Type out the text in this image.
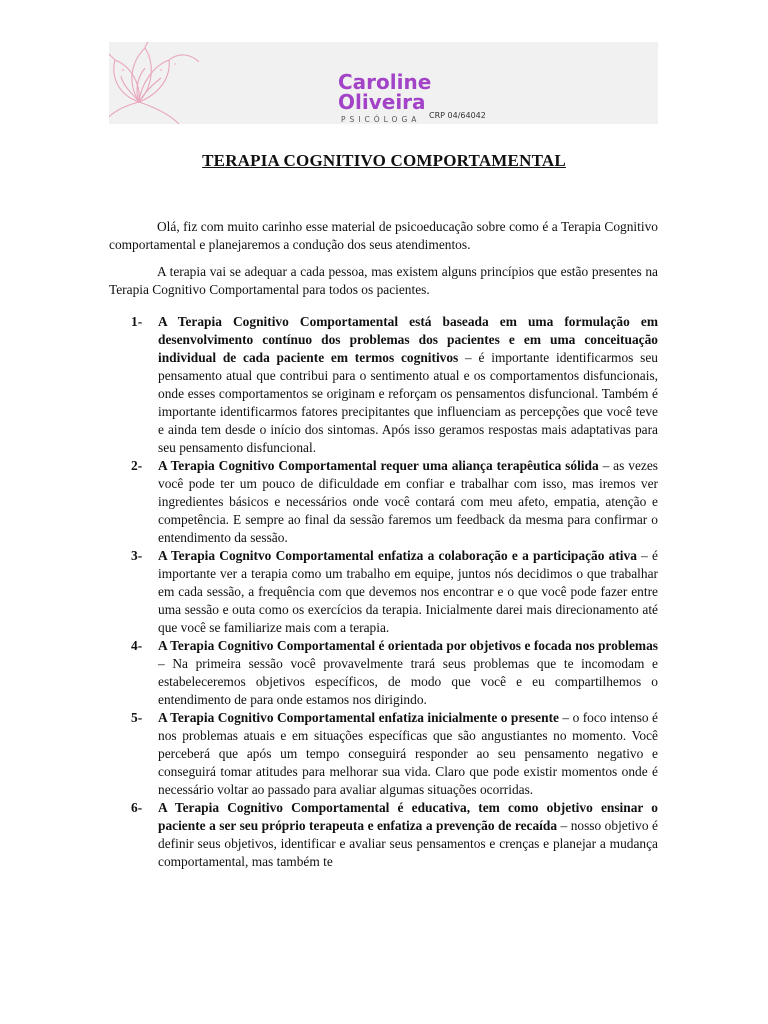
Caroline
Oliveira
PSICÓLOGA	CRP 04/64042
TERAPIA COGNITIVO COMPORTAMENTAL

Olá, fiz com muito carinho esse material de psicoeducação sobre como é a Terapia Cognitivo comportamental e planejaremos a condução dos seus atendimentos.

A terapia vai se adequar a cada pessoa, mas existem alguns princípios que estão presentes na Terapia Cognitivo Comportamental para todos os pacientes.

1- A Terapia Cognitivo Comportamental está baseada em uma formulação em desenvolvimento contínuo dos problemas dos pacientes e em uma conceituação individual de cada paciente em termos cognitivos – é importante identificarmos seu pensamento atual que contribui para o sentimento atual e os comportamentos disfuncionais, onde esses comportamentos se originam e reforçam os pensamentos disfuncional. Também é importante identificarmos fatores precipitantes que influenciam as percepções que você teve e ainda tem desde o início dos sintomas. Após isso geramos respostas mais adaptativas para seu pensamento disfuncional.
2- A Terapia Cognitivo Comportamental requer uma aliança terapêutica sólida – as vezes você pode ter um pouco de dificuldade em confiar e trabalhar com isso, mas iremos ver ingredientes básicos e necessários onde você contará com meu afeto, empatia, atenção e competência. E sempre ao final da sessão faremos um feedback da mesma para confirmar o entendimento da sessão.
3- A Terapia Cognitvo Comportamental enfatiza a colaboração e a participação ativa – é importante ver a terapia como um trabalho em equipe, juntos nós decidimos o que trabalhar em cada sessão, a frequência com que devemos nos encontrar e o que você pode fazer entre uma sessão e outa como os exercícios da terapia. Inicialmente darei mais direcionamento até que você se familiarize mais com a terapia.
4- A Terapia Cognitivo Comportamental é orientada por objetivos e focada nos problemas – Na primeira sessão você provavelmente trará seus problemas que te incomodam e estabeleceremos objetivos específicos, de modo que você e eu compartilhemos o entendimento de para onde estamos nos dirigindo.
5- A Terapia Cognitivo Comportamental enfatiza inicialmente o presente – o foco intenso é nos problemas atuais e em situações específicas que são angustiantes no momento. Você perceberá que após um tempo conseguirá responder ao seu pensamento negativo e conseguirá tomar atitudes para melhorar sua vida. Claro que pode existir momentos onde é necessário voltar ao passado para avaliar algumas situações ocorridas.
6- A Terapia Cognitivo Comportamental é educativa, tem como objetivo ensinar o paciente a ser seu próprio terapeuta e enfatiza a prevenção de recaída – nosso objetivo é definir seus objetivos, identificar e avaliar seus pensamentos e crenças e planejar a mudança comportamental, mas também te
